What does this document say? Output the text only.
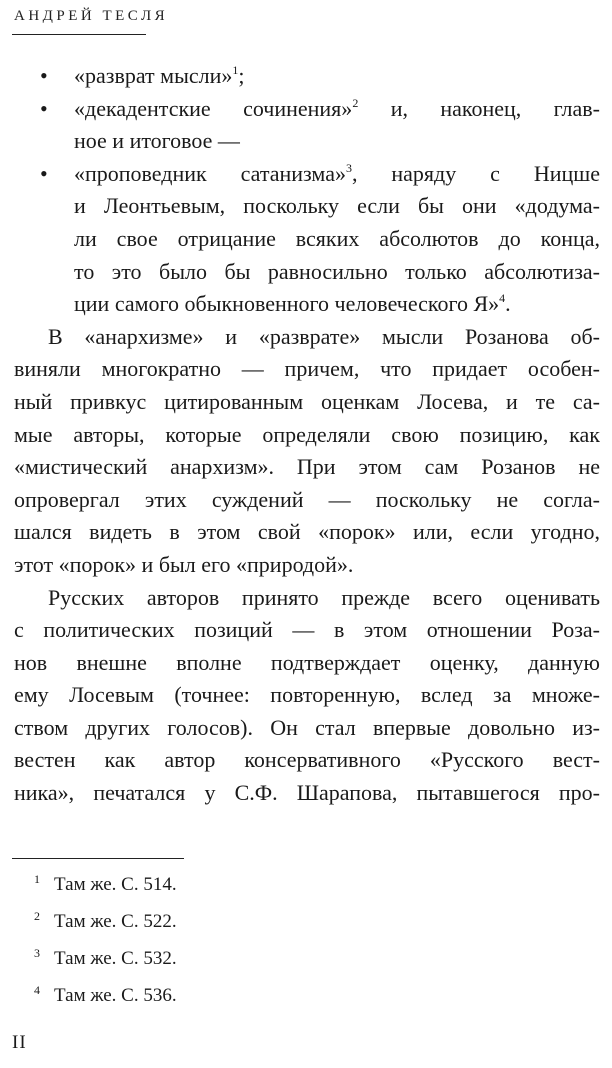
АНДРЕЙ ТЕСЛЯ
• «разврат мысли»$^1$;
• «декадентские сочинения»$^2$ и, наконец, глав-
ное и итоговое —
• «проповедник сатанизма»$^3$, наряду с Ницше
и Леонтьевым, поскольку если бы они «додума-
ли свое отрицание всяких абсолютов до конца,
то это было бы равносильно только абсолютиза-
ции самого обыкновенного человеческого Я»$^4$.
В «анархизме» и «разврате» мысли Розанова об-
виняли многократно — причем, что придает особен-
ный привкус цитированным оценкам Лосева, и те са-
мые авторы, которые определяли свою позицию, как
«мистический анархизм». При этом сам Розанов не
опровергал этих суждений — поскольку не согла-
шался видеть в этом свой «порок» или, если угодно,
этот «порок» и был его «природой».
Русских авторов принято прежде всего оценивать
с политических позиций — в этом отношении Роза-
нов внешне вполне подтверждает оценку, данную
ему Лосевым (точнее: повторенную, вслед за множе-
ством других голосов). Он стал впервые довольно из-
вестен как автор консервативного «Русского вест-
ника», печатался у С.Ф. Шарапова, пытавшегося про-
1 Там же. С. 514.
2 Там же. С. 522.
3 Там же. С. 532.
4 Там же. С. 536.
II
